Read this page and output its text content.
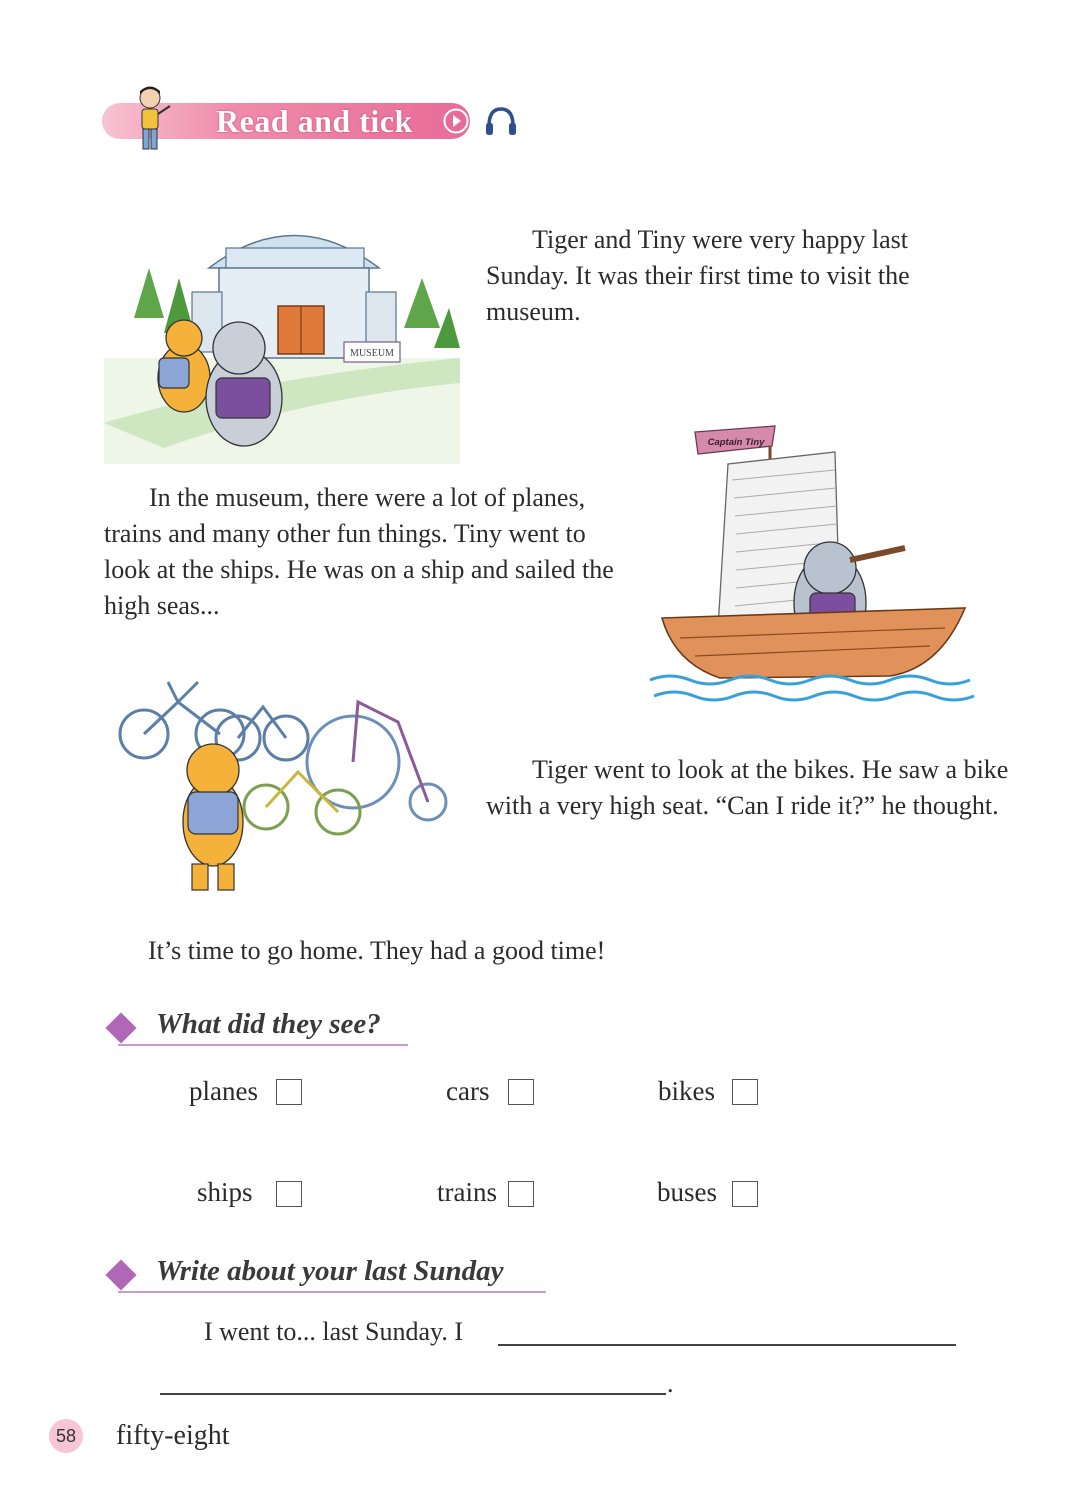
Read and tick
MUSEUM
Tiger and Tiny were very happy last Sunday. It was their first time to visit the museum.
Captain Tiny
In the museum, there were a lot of planes, trains and many other fun things. Tiny went to look at the ships. He was on a ship and sailed the high seas...
Tiger went to look at the bikes. He saw a bike with a very high seat. “Can I ride it?” he thought.
It’s time to go home. They had a good time!
What did they see?
planes	cars	bikes
ships	trains	buses
Write about your last Sunday
I went to... last Sunday. I
.
58 fifty-eight
